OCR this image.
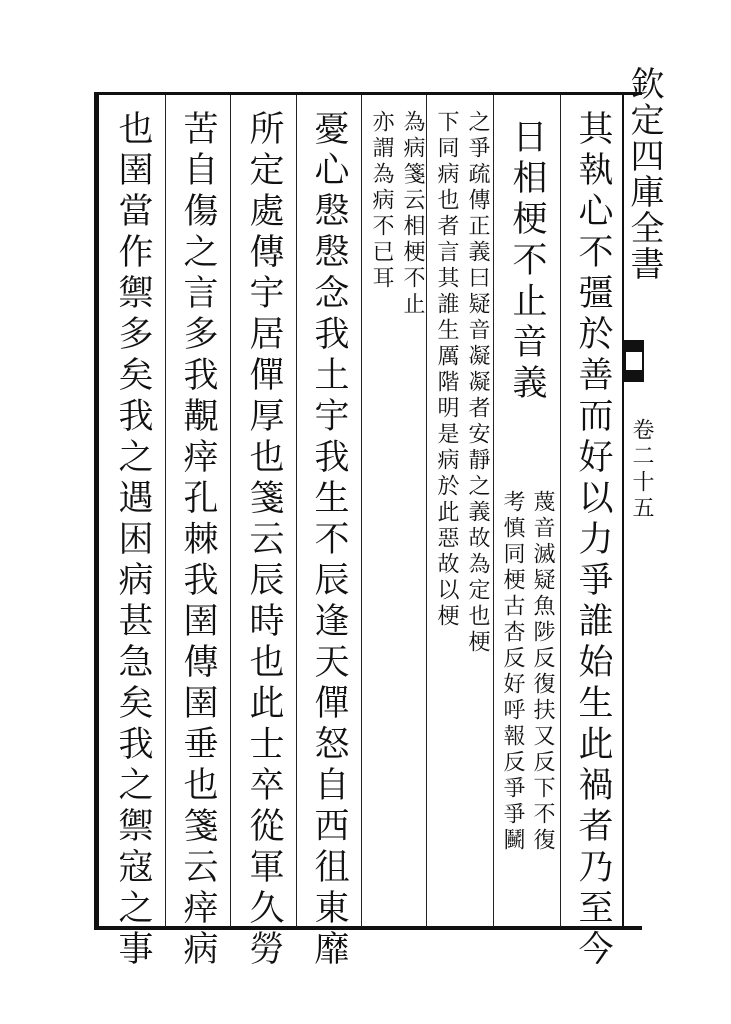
欽定四庫全書
卷二十五
其執心不彊於善而好以力爭誰始生此禍者乃至今
日相梗不止音義
蔑音滅疑魚陟反復扶又反下不復
考慎同梗古杏反好呼報反爭爭鬭
之爭疏傳正義曰疑音凝凝者安靜之義故為定也梗
下同病也者言其誰生厲階明是病於此惡故以梗
為病箋云相梗不止
亦謂為病不已耳
憂心慇慇念我土宇我生不辰逢天僤怒自西徂東靡
所定處傳宇居僤厚也箋云辰時也此士卒從軍久勞
苦自傷之言多我覯㾕孔棘我圉傳圉垂也箋云㾕病
也圉當作禦多矣我之遇困病甚急矣我之禦寇之事
